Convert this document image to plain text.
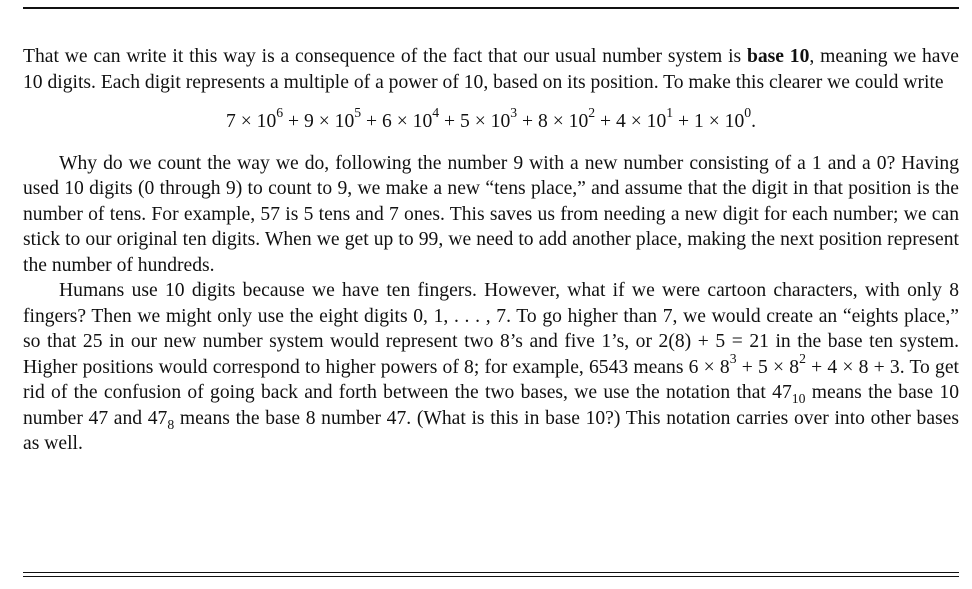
That we can write it this way is a consequence of the fact that our usual number system is base 10, meaning we have 10 digits. Each digit represents a multiple of a power of 10, based on its position. To make this clearer we could write

$7 \times 10^6 + 9 \times 10^5 + 6 \times 10^4 + 5 \times 10^3 + 8 \times 10^2 + 4 \times 10^1 + 1 \times 10^0$.

Why do we count the way we do, following the number 9 with a new number consisting of a 1 and a 0? Having used 10 digits (0 through 9) to count to 9, we make a new “tens place,” and assume that the digit in that position is the number of tens. For example, 57 is 5 tens and 7 ones. This saves us from needing a new digit for each number; we can stick to our original ten digits. When we get up to 99, we need to add another place, making the next position represent the number of hundreds.

Humans use 10 digits because we have ten fingers. However, what if we were cartoon characters, with only 8 fingers? Then we might only use the eight digits 0, 1, . . . , 7. To go higher than 7, we would create an “eights place,” so that 25 in our new number system would represent two 8’s and five 1’s, or 2(8) + 5 = 21 in the base ten system. Higher positions would correspond to higher powers of 8; for example, 6543 means $6 \times 8^3 + 5 \times 8^2 + 4 \times 8 + 3$. To get rid of the confusion of going back and forth between the two bases, we use the notation that $47_{10}$ means the base 10 number 47 and $47_8$ means the base 8 number 47. (What is this in base 10?) This notation carries over into other bases as well.
